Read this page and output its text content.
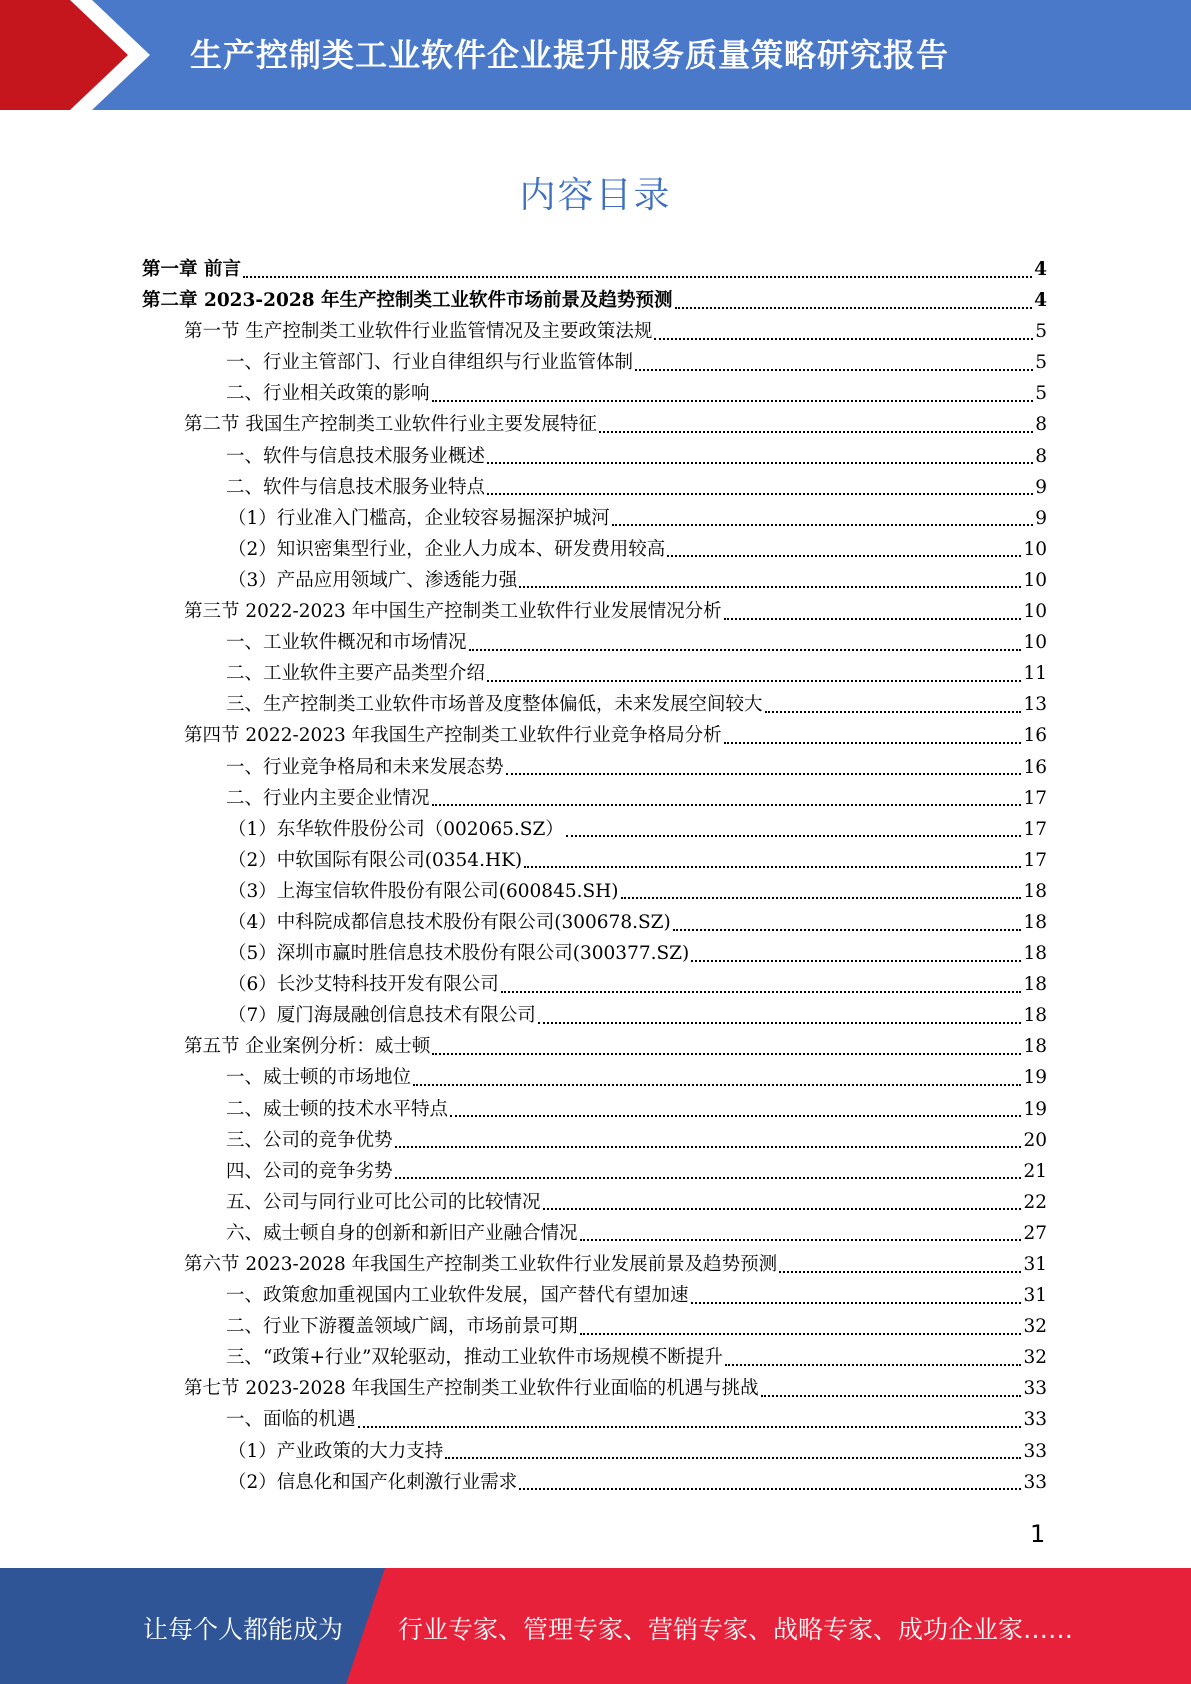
生产控制类工业软件企业提升服务质量策略研究报告
内容目录
第一章 前言	4
第二章 2023-2028 年生产控制类工业软件市场前景及趋势预测	4
第一节 生产控制类工业软件行业监管情况及主要政策法规	5
一、行业主管部门、行业自律组织与行业监管体制	5
二、行业相关政策的影响	5
第二节 我国生产控制类工业软件行业主要发展特征	8
一、软件与信息技术服务业概述	8
二、软件与信息技术服务业特点	9
（1）行业准入门槛高，企业较容易掘深护城河	9
（2）知识密集型行业，企业人力成本、研发费用较高	10
（3）产品应用领域广、渗透能力强	10
第三节 2022-2023 年中国生产控制类工业软件行业发展情况分析	10
一、工业软件概况和市场情况	10
二、工业软件主要产品类型介绍	11
三、生产控制类工业软件市场普及度整体偏低，未来发展空间较大	13
第四节 2022-2023 年我国生产控制类工业软件行业竞争格局分析	16
一、行业竞争格局和未来发展态势	16
二、行业内主要企业情况	17
（1）东华软件股份公司（002065.SZ）	17
（2）中软国际有限公司(0354.HK)	17
（3）上海宝信软件股份有限公司(600845.SH)	18
（4）中科院成都信息技术股份有限公司(300678.SZ)	18
（5）深圳市赢时胜信息技术股份有限公司(300377.SZ)	18
（6）长沙艾特科技开发有限公司	18
（7）厦门海晟融创信息技术有限公司	18
第五节 企业案例分析：威士顿	18
一、威士顿的市场地位	19
二、威士顿的技术水平特点	19
三、公司的竞争优势	20
四、公司的竞争劣势	21
五、公司与同行业可比公司的比较情况	22
六、威士顿自身的创新和新旧产业融合情况	27
第六节 2023-2028 年我国生产控制类工业软件行业发展前景及趋势预测	31
一、政策愈加重视国内工业软件发展，国产替代有望加速	31
二、行业下游覆盖领域广阔，市场前景可期	32
三、“政策+行业”双轮驱动，推动工业软件市场规模不断提升	32
第七节 2023-2028 年我国生产控制类工业软件行业面临的机遇与挑战	33
一、面临的机遇	33
（1）产业政策的大力支持	33
（2）信息化和国产化刺激行业需求	33
1
让每个人都能成为 行业专家、管理专家、营销专家、战略专家、成功企业家……
